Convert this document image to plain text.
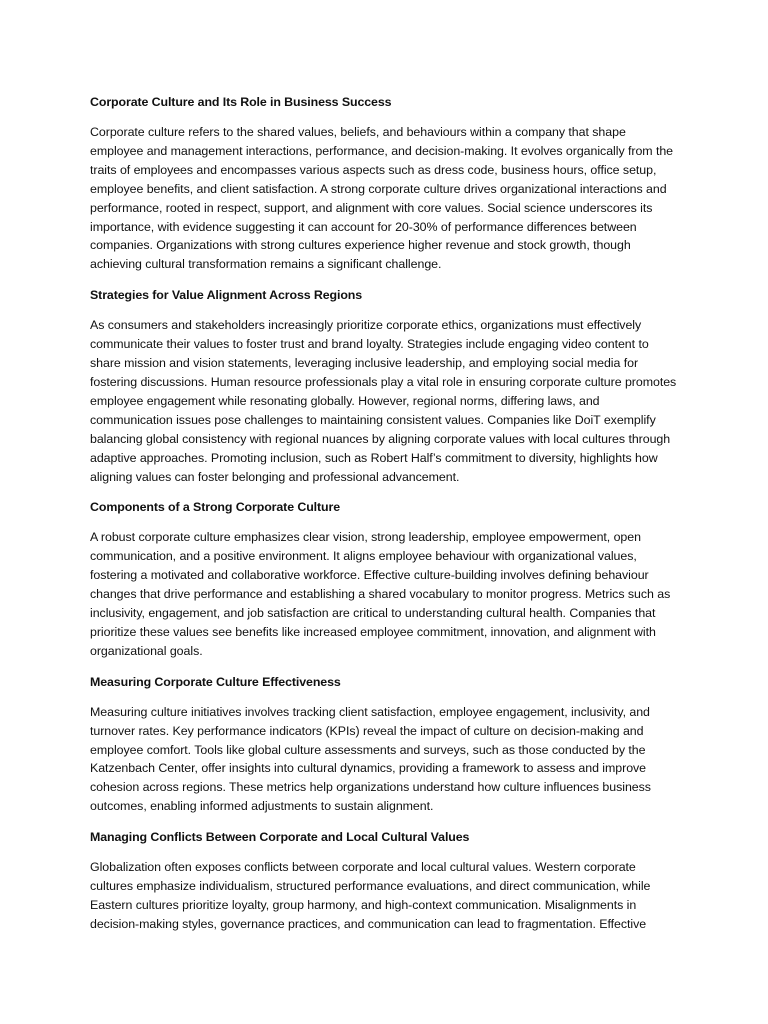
Corporate Culture and Its Role in Business Success

Corporate culture refers to the shared values, beliefs, and behaviours within a company that shape employee and management interactions, performance, and decision-making. It evolves organically from the traits of employees and encompasses various aspects such as dress code, business hours, office setup, employee benefits, and client satisfaction. A strong corporate culture drives organizational interactions and performance, rooted in respect, support, and alignment with core values. Social science underscores its importance, with evidence suggesting it can account for 20-30% of performance differences between companies. Organizations with strong cultures experience higher revenue and stock growth, though achieving cultural transformation remains a significant challenge.

Strategies for Value Alignment Across Regions

As consumers and stakeholders increasingly prioritize corporate ethics, organizations must effectively communicate their values to foster trust and brand loyalty. Strategies include engaging video content to share mission and vision statements, leveraging inclusive leadership, and employing social media for fostering discussions. Human resource professionals play a vital role in ensuring corporate culture promotes employee engagement while resonating globally. However, regional norms, differing laws, and communication issues pose challenges to maintaining consistent values. Companies like DoiT exemplify balancing global consistency with regional nuances by aligning corporate values with local cultures through adaptive approaches. Promoting inclusion, such as Robert Half’s commitment to diversity, highlights how aligning values can foster belonging and professional advancement.

Components of a Strong Corporate Culture

A robust corporate culture emphasizes clear vision, strong leadership, employee empowerment, open communication, and a positive environment. It aligns employee behaviour with organizational values, fostering a motivated and collaborative workforce. Effective culture-building involves defining behaviour changes that drive performance and establishing a shared vocabulary to monitor progress. Metrics such as inclusivity, engagement, and job satisfaction are critical to understanding cultural health. Companies that prioritize these values see benefits like increased employee commitment, innovation, and alignment with organizational goals.

Measuring Corporate Culture Effectiveness

Measuring culture initiatives involves tracking client satisfaction, employee engagement, inclusivity, and turnover rates. Key performance indicators (KPIs) reveal the impact of culture on decision-making and employee comfort. Tools like global culture assessments and surveys, such as those conducted by the Katzenbach Center, offer insights into cultural dynamics, providing a framework to assess and improve cohesion across regions. These metrics help organizations understand how culture influences business outcomes, enabling informed adjustments to sustain alignment.

Managing Conflicts Between Corporate and Local Cultural Values

Globalization often exposes conflicts between corporate and local cultural values. Western corporate cultures emphasize individualism, structured performance evaluations, and direct communication, while Eastern cultures prioritize loyalty, group harmony, and high-context communication. Misalignments in decision-making styles, governance practices, and communication can lead to fragmentation. Effective
